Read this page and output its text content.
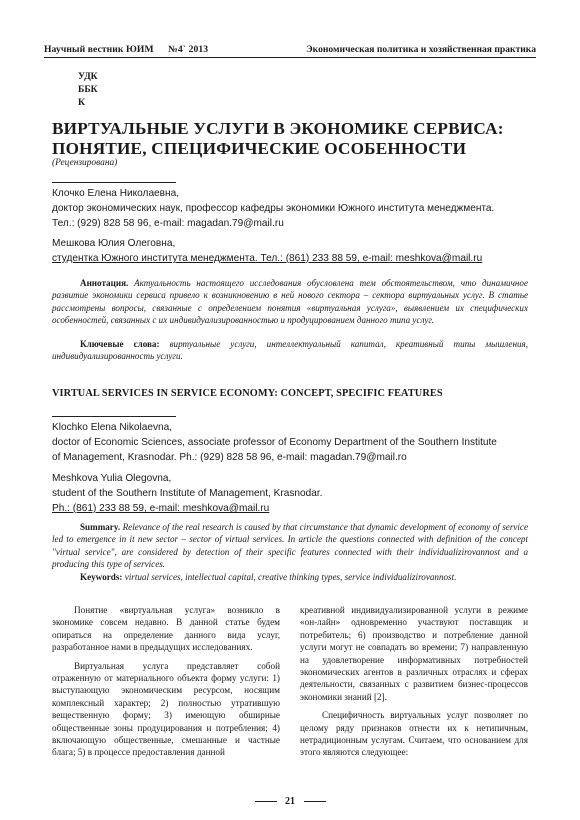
Научный вестник ЮИМ №4` 2013	Экономическая политика и хозяйственная практика
УДК
ББК
К
ВИРТУАЛЬНЫЕ УСЛУГИ В ЭКОНОМИКЕ СЕРВИСА:
ПОНЯТИЕ, СПЕЦИФИЧЕСКИЕ ОСОБЕННОСТИ
(Рецензирована)
Клочко Елена Николаевна,
доктор экономических наук, профессор кафедры экономики Южного института менеджмента.
Тел.: (929) 828 58 96, e-mail: magadan.79@mail.ru
Мешкова Юлия Олеговна,
студентка Южного института менеджмента. Тел.: (861) 233 88 59, e-mail: meshkova@mail.ru
Аннотация. Актуальность настоящего исследования обусловлена тем обстоятельством, что динамичное развитие экономики сервиса привело к возникновению в ней нового сектора – сектора виртуальных услуг. В статье рассмотрены вопросы, связанные с определением понятия «виртуальная услуга», выявлением их специфических особенностей, связанных с их индивидуализированностью и продуцированием данного типа услуг.
Ключевые слова: виртуальные услуги, интеллектуальный капитал, креативный типы мышления, индивидуализированность услуги.
VIRTUAL SERVICES IN SERVICE ECONOMY: CONCEPT, SPECIFIC FEATURES
Klochko Elena Nikolaevna,
doctor of Economic Sciences, associate professor of Economy Department of the Southern Institute
of Management, Krasnodar. Ph.: (929) 828 58 96, e-mail: magadan.79@mail.ro
Meshkova Yulia Olegovna,
student of the Southern Institute of Management, Krasnodar.
Ph.: (861) 233 88 59, e-mail: meshkova@mail.ru
Summary. Relevance of the real research is caused by that circumstance that dynamic development of economy of service led to emergence in it new sector – sector of virtual services. In article the questions connected with definition of the concept "virtual service", are considered by detection of their specific features connected with their individualizirovannost and a producing this type of services.
Keywords: virtual services, intellectual capital, creative thinking types, service individualizirovannost.

Понятие «виртуальная услуга» возникло в экономике совсем недавно. В данной статье будем опираться на определение данного вида услуг, разработанное нами в предыдущих исследованиях.

Виртуальная услуга представляет собой отраженную от материального объекта форму услуги: 1) выступающую экономическим ресурсом, носящим комплексный характер; 2) полностью утратившую вещественную форму; 3) имеющую обширные общественные зоны продуцирования и потребления; 4) включающую общественные, смешанные и частные блага; 5) в процессе предоставления данной

креативной индивидуализированной услуги в режиме «он-лайн» одновременно участвуют поставщик и потребитель; 6) производство и потребление данной услуги могут не совпадать во времени; 7) направленную на удовлетворение информативных потребностей экономических агентов в различных отраслях и сферах деятельности, связанных с развитием бизнес-процессов экономики знаний [2].

Специфичность виртуальных услуг позволяет по целому ряду признаков отнести их к нетипичным, нетрадиционным услугам. Считаем, что основанием для этого являются следующее:

21
